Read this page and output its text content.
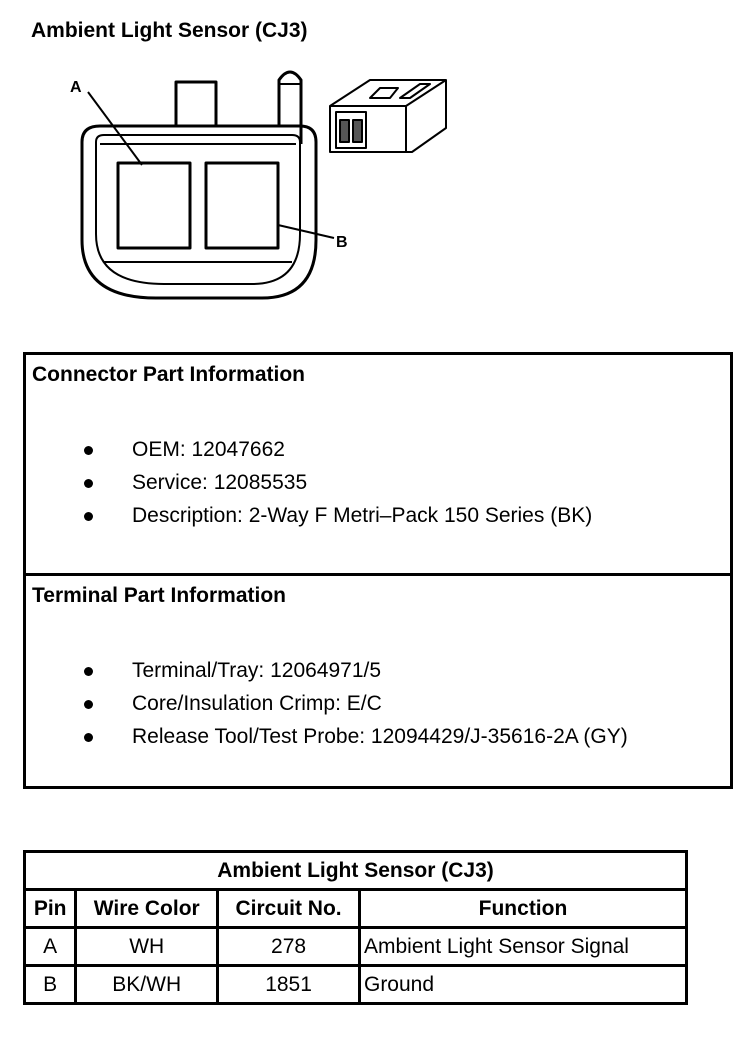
Ambient Light Sensor (CJ3)
A
B
Connector Part Information
OEM: 12047662
Service: 12085535
Description: 2-Way F Metri–Pack 150 Series (BK)
Terminal Part Information
Terminal/Tray: 12064971/5
Core/Insulation Crimp: E/C
Release Tool/Test Probe: 12094429/J-35616-2A (GY)
Ambient Light Sensor (CJ3)			
Pin	Wire Color	Circuit No.	Function
A	WH	278	Ambient Light Sensor Signal
B	BK/WH	1851	Ground
